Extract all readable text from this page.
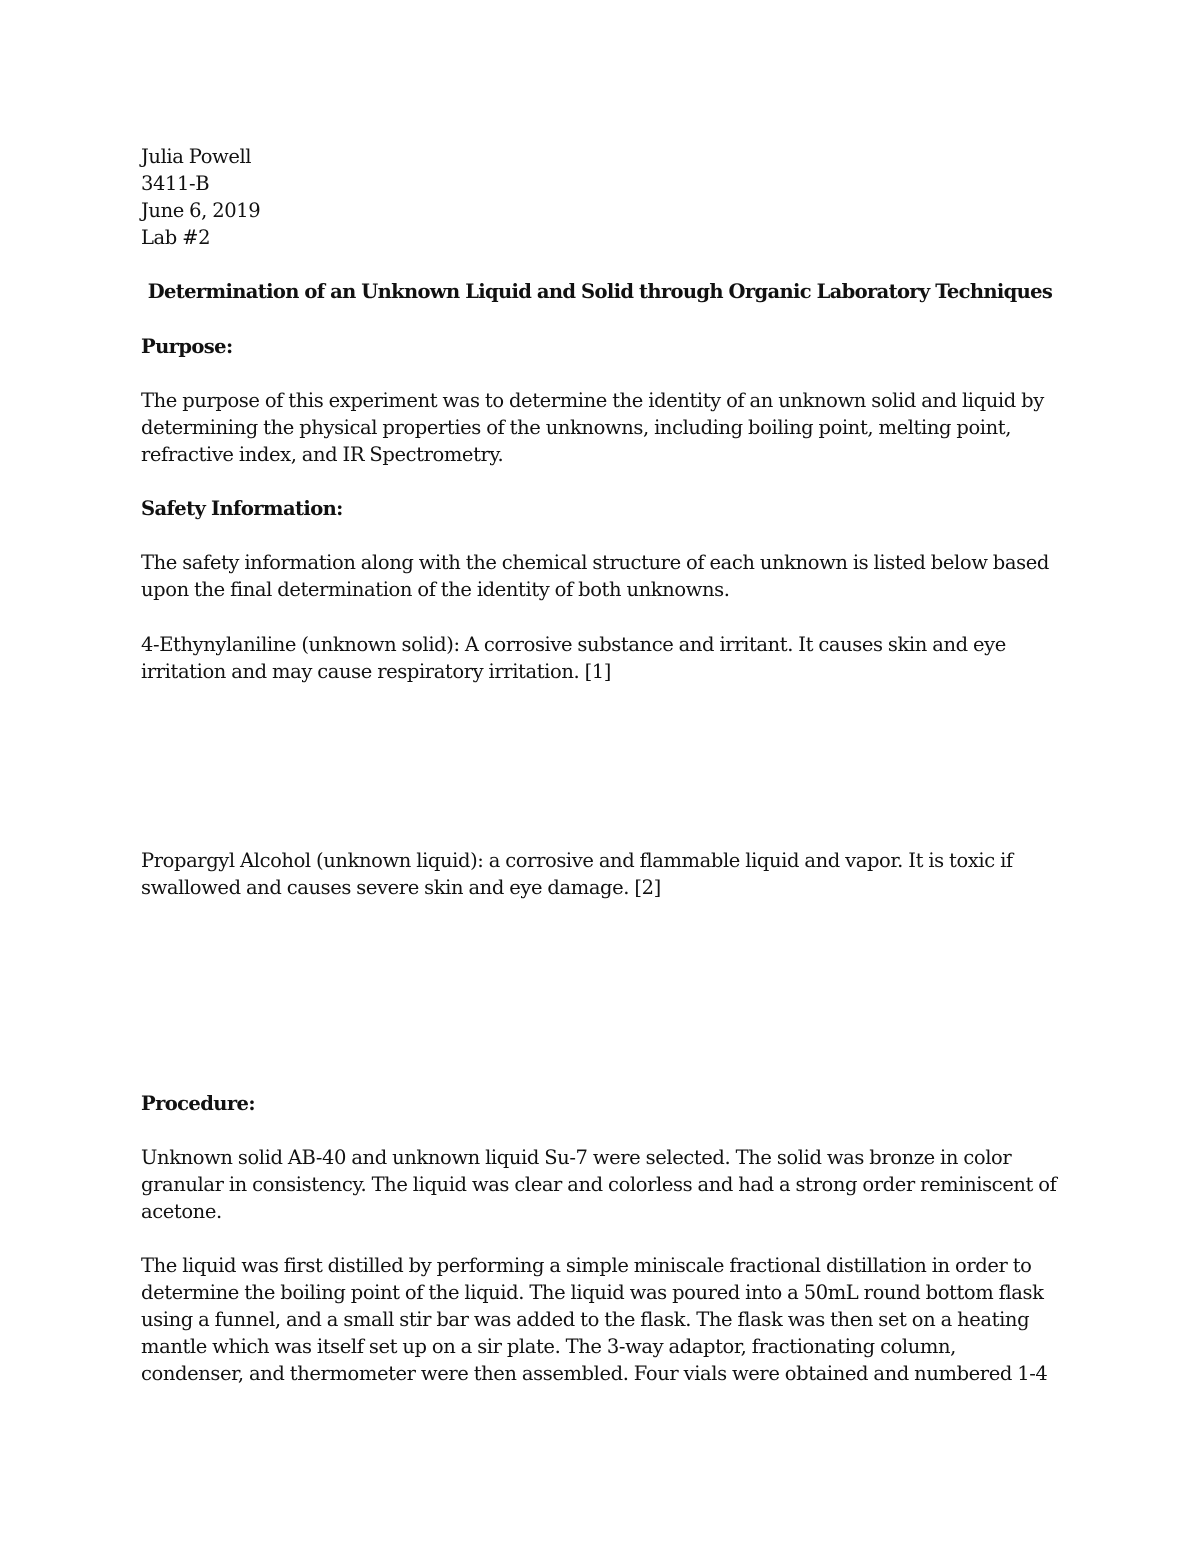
Julia Powell
3411-B
June 6, 2019
Lab #2
Determination of an Unknown Liquid and Solid through Organic Laboratory Techniques
Purpose:
The purpose of this experiment was to determine the identity of an unknown solid and liquid by
determining the physical properties of the unknowns, including boiling point, melting point,
refractive index, and IR Spectrometry.
Safety Information:
The safety information along with the chemical structure of each unknown is listed below based
upon the final determination of the identity of both unknowns.
4-Ethynylaniline (unknown solid): A corrosive substance and irritant. It causes skin and eye
irritation and may cause respiratory irritation. [1]
Propargyl Alcohol (unknown liquid): a corrosive and flammable liquid and vapor. It is toxic if
swallowed and causes severe skin and eye damage. [2]
Procedure:
Unknown solid AB-40 and unknown liquid Su-7 were selected. The solid was bronze in color
granular in consistency. The liquid was clear and colorless and had a strong order reminiscent of
acetone.
The liquid was first distilled by performing a simple miniscale fractional distillation in order to
determine the boiling point of the liquid. The liquid was poured into a 50mL round bottom flask
using a funnel, and a small stir bar was added to the flask. The flask was then set on a heating
mantle which was itself set up on a sir plate. The 3-way adaptor, fractionating column,
condenser, and thermometer were then assembled. Four vials were obtained and numbered 1-4
